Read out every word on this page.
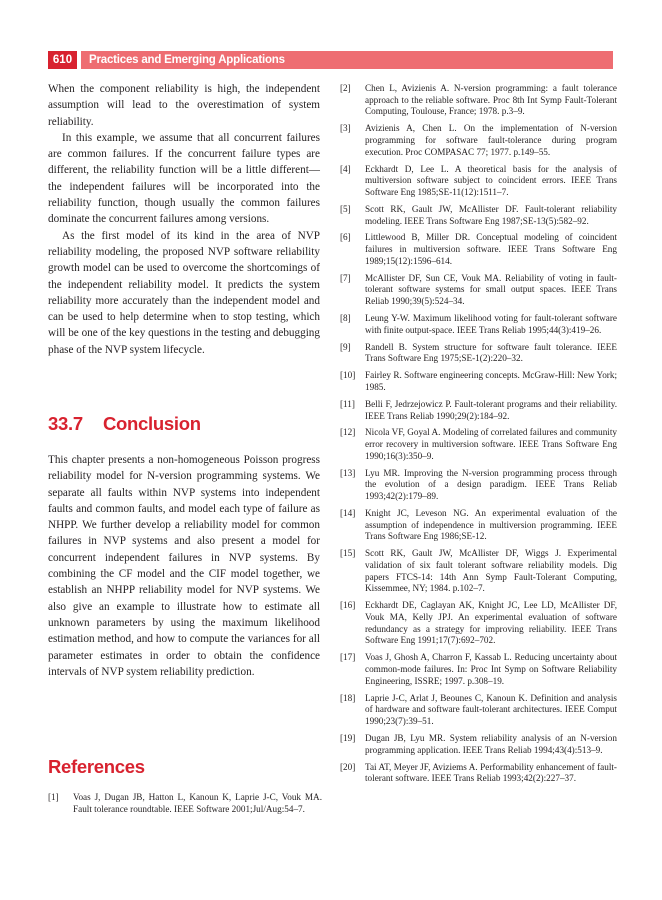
610	Practices and Emerging Applications

When the component reliability is high, the independent assumption will lead to the overestimation of system reliability.

In this example, we assume that all concurrent failures are common failures. If the concurrent failure types are different, the reliability function will be a little different—the independent failures will be incorporated into the reliability function, though usually the common failures dominate the concurrent failures among versions.

As the first model of its kind in the area of NVP reliability modeling, the proposed NVP software reliability growth model can be used to overcome the shortcomings of the independent reliability model. It predicts the system reliability more accurately than the independent model and can be used to help determine when to stop testing, which will be one of the key questions in the testing and debugging phase of the NVP system lifecycle.

33.7 Conclusion

This chapter presents a non-homogeneous Poisson progress reliability model for N-version programming systems. We separate all faults within NVP systems into independent faults and common faults, and model each type of failure as NHPP. We further develop a reliability model for common failures in NVP systems and also present a model for concurrent independent failures in NVP systems. By combining the CF model and the CIF model together, we establish an NHPP reliability model for NVP systems. We also give an example to illustrate how to estimate all unknown parameters by using the maximum likelihood estimation method, and how to compute the variances for all parameter estimates in order to obtain the confidence intervals of NVP system reliability prediction.

References
[1]	Voas J, Dugan JB, Hatton L, Kanoun K, Laprie J-C, Vouk MA. Fault tolerance roundtable. IEEE Software 2001;Jul/Aug:54–7.
[2]	Chen L, Avizienis A. N-version programming: a fault tolerance approach to the reliable software. Proc 8th Int Symp Fault-Tolerant Computing, Toulouse, France; 1978. p.3–9.
[3]	Avizienis A, Chen L. On the implementation of N-version programming for software fault-tolerance during program execution. Proc COMPASAC 77; 1977. p.149–55.
[4]	Eckhardt D, Lee L. A theoretical basis for the analysis of multiversion software subject to coincident errors. IEEE Trans Software Eng 1985;SE-11(12):1511–7.
[5]	Scott RK, Gault JW, McAllister DF. Fault-tolerant reliability modeling. IEEE Trans Software Eng 1987;SE-13(5):582–92.
[6]	Littlewood B, Miller DR. Conceptual modeling of coincident failures in multiversion software. IEEE Trans Software Eng 1989;15(12):1596–614.
[7]	McAllister DF, Sun CE, Vouk MA. Reliability of voting in fault-tolerant software systems for small output spaces. IEEE Trans Reliab 1990;39(5):524–34.
[8]	Leung Y-W. Maximum likelihood voting for fault-tolerant software with finite output-space. IEEE Trans Reliab 1995;44(3):419–26.
[9]	Randell B. System structure for software fault tolerance. IEEE Trans Software Eng 1975;SE-1(2):220–32.
[10]	Fairley R. Software engineering concepts. McGraw-Hill: New York; 1985.
[11]	Belli F, Jedrzejowicz P. Fault-tolerant programs and their reliability. IEEE Trans Reliab 1990;29(2):184–92.
[12]	Nicola VF, Goyal A. Modeling of correlated failures and community error recovery in multiversion software. IEEE Trans Software Eng 1990;16(3):350–9.
[13]	Lyu MR. Improving the N-version programming process through the evolution of a design paradigm. IEEE Trans Reliab 1993;42(2):179–89.
[14]	Knight JC, Leveson NG. An experimental evaluation of the assumption of independence in multiversion programming. IEEE Trans Software Eng 1986;SE-12.
[15]	Scott RK, Gault JW, McAllister DF, Wiggs J. Experimental validation of six fault tolerant software reliability models. Dig papers FTCS-14: 14th Ann Symp Fault-Tolerant Computing, Kissemmee, NY; 1984. p.102–7.
[16]	Eckhardt DE, Caglayan AK, Knight JC, Lee LD, McAllister DF, Vouk MA, Kelly JPJ. An experimental evaluation of software redundancy as a strategy for improving reliability. IEEE Trans Software Eng 1991;17(7):692–702.
[17]	Voas J, Ghosh A, Charron F, Kassab L. Reducing uncertainty about common-mode failures. In: Proc Int Symp on Software Reliability Engineering, ISSRE; 1997. p.308–19.
[18]	Laprie J-C, Arlat J, Beounes C, Kanoun K. Definition and analysis of hardware and software fault-tolerant architectures. IEEE Comput 1990;23(7):39–51.
[19]	Dugan JB, Lyu MR. System reliability analysis of an N-version programming application. IEEE Trans Reliab 1994;43(4):513–9.
[20]	Tai AT, Meyer JF, Aviziems A. Performability enhancement of fault-tolerant software. IEEE Trans Reliab 1993;42(2):227–37.
